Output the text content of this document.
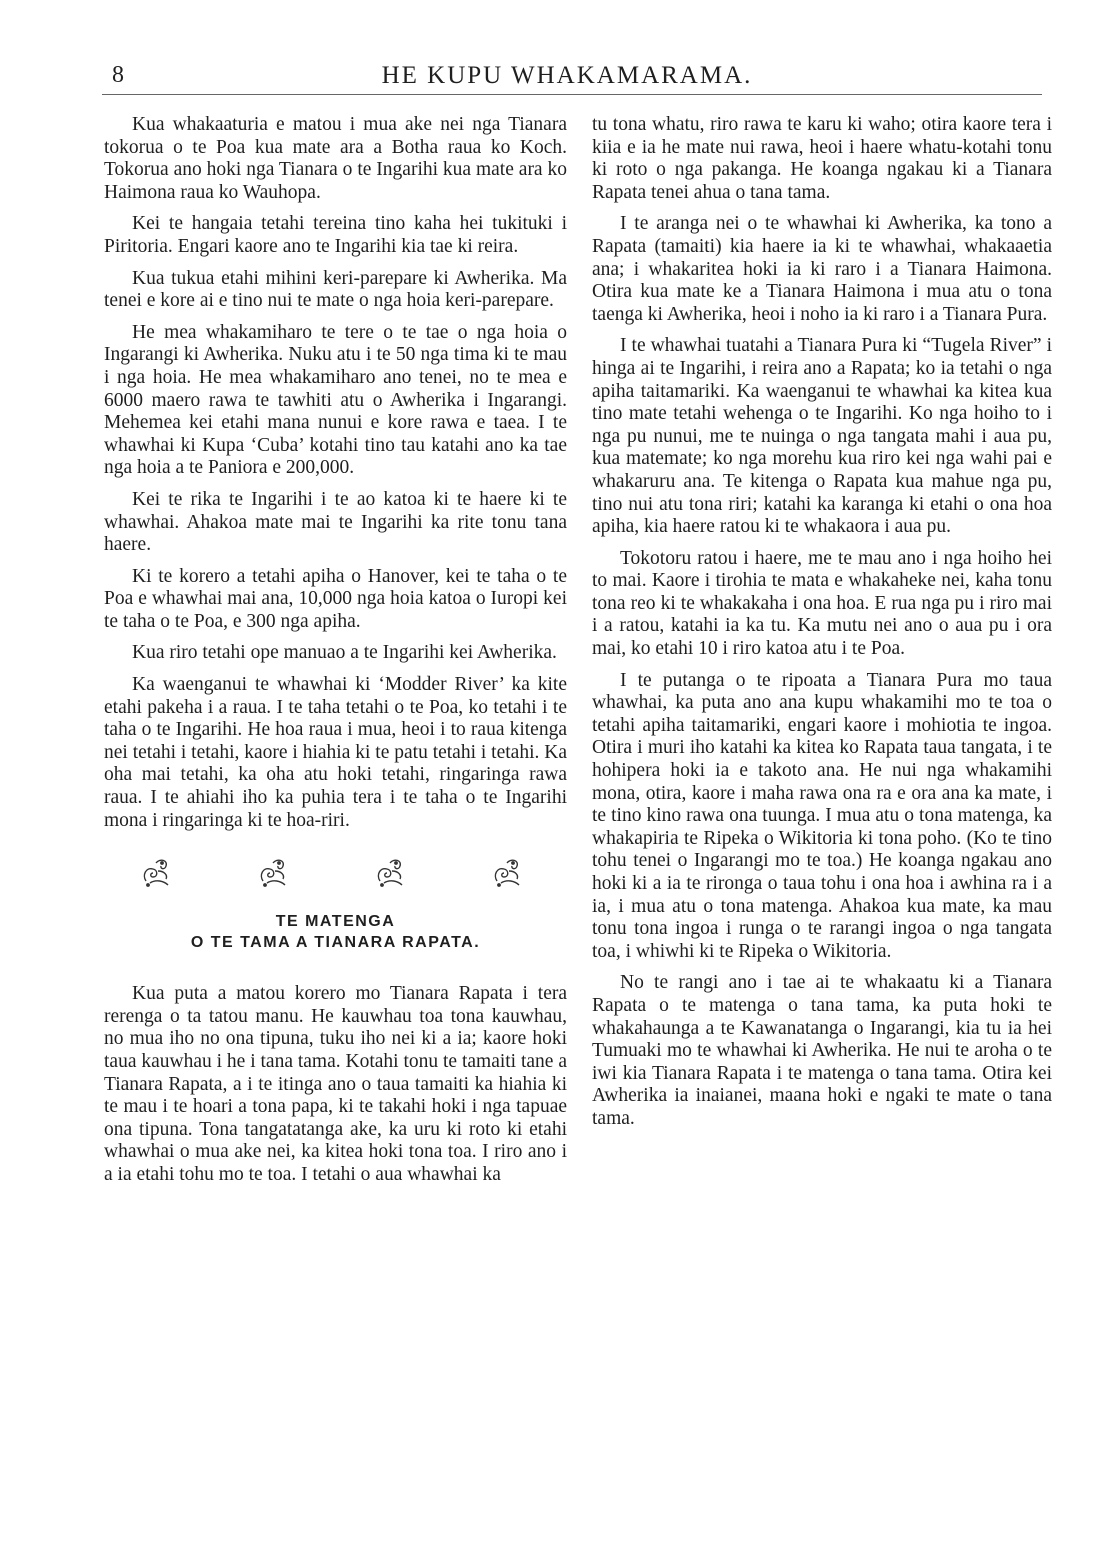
8	HE KUPU WHAKAMARAMA.

Kua whakaaturia e matou i mua ake nei nga Tianara tokorua o te Poa kua mate ara a Botha raua ko Koch. Tokorua ano hoki nga Tianara o te Ingarihi kua mate ara ko Haimona raua ko Wauhopa.

Kei te hangaia tetahi tereina tino kaha hei tukituki i Piritoria. Engari kaore ano te Ingarihi kia tae ki reira.

Kua tukua etahi mihini keri-parepare ki Awherika. Ma tenei e kore ai e tino nui te mate o nga hoia keri-parepare.

He mea whakamiharo te tere o te tae o nga hoia o Ingarangi ki Awherika. Nuku atu i te 50 nga tima ki te mau i nga hoia. He mea whakamiharo ano tenei, no te mea e 6000 maero rawa te tawhiti atu o Awherika i Ingarangi. Mehemea kei etahi mana nunui e kore rawa e taea. I te whawhai ki Kupa ‘Cuba’ kotahi tino tau katahi ano ka tae nga hoia a te Paniora e 200,000.

Kei te rika te Ingarihi i te ao katoa ki te haere ki te whawhai. Ahakoa mate mai te Ingarihi ka rite tonu tana haere.

Ki te korero a tetahi apiha o Hanover, kei te taha o te Poa e whawhai mai ana, 10,000 nga hoia katoa o Iuropi kei te taha o te Poa, e 300 nga apiha.

Kua riro tetahi ope manuao a te Ingarihi kei Awherika.

Ka waenganui te whawhai ki ‘Modder River’ ka kite etahi pakeha i a raua. I te taha tetahi o te Poa, ko tetahi i te taha o te Ingarihi. He hoa raua i mua, heoi i to raua kitenga nei tetahi i tetahi, kaore i hiahia ki te patu tetahi i tetahi. Ka oha mai tetahi, ka oha atu hoki tetahi, ringaringa rawa raua. I te ahiahi iho ka puhia tera i te taha o te Ingarihi mona i ringaringa ki te hoa-riri.

TE MATENGA
O TE TAMA A TIANARA RAPATA.

Kua puta a matou korero mo Tianara Rapata i tera rerenga o ta tatou manu. He kauwhau toa tona kauwhau, no mua iho no ona tipuna, tuku iho nei ki a ia; kaore hoki taua kauwhau i he i tana tama. Kotahi tonu te tamaiti tane a Tianara Rapata, a i te itinga ano o taua tamaiti ka hiahia ki te mau i te hoari a tona papa, ki te takahi hoki i nga tapuae ona tipuna. Tona tangatatanga ake, ka uru ki roto ki etahi whawhai o mua ake nei, ka kitea hoki tona toa. I riro ano i a ia etahi tohu mo te toa. I tetahi o aua whawhai ka

tu tona whatu, riro rawa te karu ki waho; otira kaore tera i kiia e ia he mate nui rawa, heoi i haere whatu-kotahi tonu ki roto o nga pakanga. He koanga ngakau ki a Tianara Rapata tenei ahua o tana tama.

I te aranga nei o te whawhai ki Awherika, ka tono a Rapata (tamaiti) kia haere ia ki te whawhai, whakaaetia ana; i whakaritea hoki ia ki raro i a Tianara Haimona. Otira kua mate ke a Tianara Haimona i mua atu o tona taenga ki Awherika, heoi i noho ia ki raro i a Tianara Pura.

I te whawhai tuatahi a Tianara Pura ki “Tugela River” i hinga ai te Ingarihi, i reira ano a Rapata; ko ia tetahi o nga apiha taitamariki. Ka waenganui te whawhai ka kitea kua tino mate tetahi wehenga o te Ingarihi. Ko nga hoiho to i nga pu nunui, me te nuinga o nga tangata mahi i aua pu, kua matemate; ko nga morehu kua riro kei nga wahi pai e whakaruru ana. Te kitenga o Rapata kua mahue nga pu, tino nui atu tona riri; katahi ka karanga ki etahi o ona hoa apiha, kia haere ratou ki te whakaora i aua pu.

Tokotoru ratou i haere, me te mau ano i nga hoiho hei to mai. Kaore i tirohia te mata e whakaheke nei, kaha tonu tona reo ki te whakakaha i ona hoa. E rua nga pu i riro mai i a ratou, katahi ia ka tu. Ka mutu nei ano o aua pu i ora mai, ko etahi 10 i riro katoa atu i te Poa.

I te putanga o te ripoata a Tianara Pura mo taua whawhai, ka puta ano ana kupu whakamihi mo te toa o tetahi apiha taitamariki, engari kaore i mohiotia te ingoa. Otira i muri iho katahi ka kitea ko Rapata taua tangata, i te hohipera hoki ia e takoto ana. He nui nga whakamihi mona, otira, kaore i maha rawa ona ra e ora ana ka mate, i te tino kino rawa ona tuunga. I mua atu o tona matenga, ka whakapiria te Ripeka o Wikitoria ki tona poho. (Ko te tino tohu tenei o Ingarangi mo te toa.) He koanga ngakau ano hoki ki a ia te rironga o taua tohu i ona hoa i awhina ra i a ia, i mua atu o tona matenga. Ahakoa kua mate, ka mau tonu tona ingoa i runga o te rarangi ingoa o nga tangata toa, i whiwhi ki te Ripeka o Wikitoria.

No te rangi ano i tae ai te whakaatu ki a Tianara Rapata o te matenga o tana tama, ka puta hoki te whakahaunga a te Kawanatanga o Ingarangi, kia tu ia hei Tumuaki mo te whawhai ki Awherika. He nui te aroha o te iwi kia Tianara Rapata i te matenga o tana tama. Otira kei Awherika ia inaianei, maana hoki e ngaki te mate o tana tama.
